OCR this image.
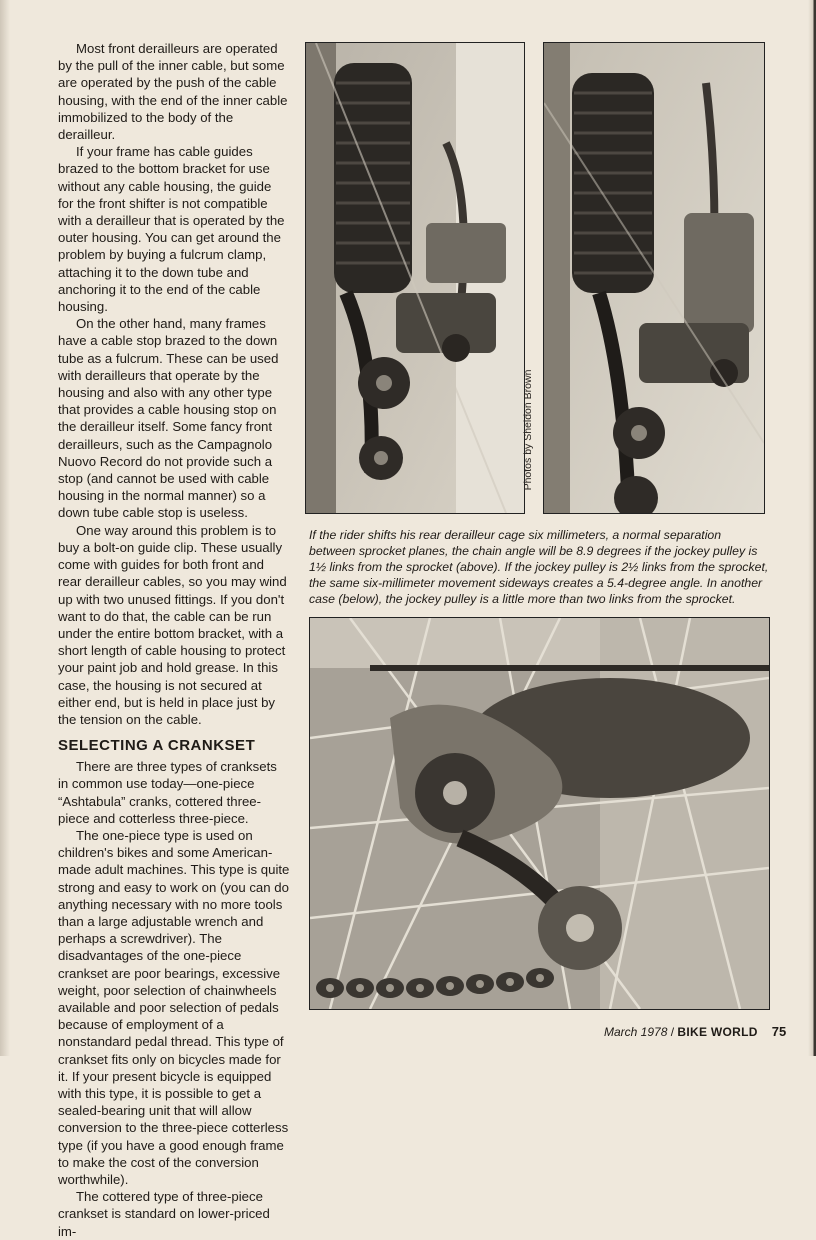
Most front derailleurs are operated by the pull of the inner cable, but some are operated by the push of the cable housing, with the end of the inner cable immobilized to the body of the derailleur.

If your frame has cable guides brazed to the bottom bracket for use without any cable housing, the guide for the front shifter is not compatible with a derailleur that is operated by the outer housing. You can get around the problem by buying a fulcrum clamp, attaching it to the down tube and anchoring it to the end of the cable housing.

On the other hand, many frames have a cable stop brazed to the down tube as a fulcrum. These can be used with derailleurs that operate by the housing and also with any other type that provides a cable housing stop on the derailleur itself. Some fancy front derailleurs, such as the Campagnolo Nuovo Record do not provide such a stop (and cannot be used with cable housing in the normal manner) so a down tube cable stop is useless.

One way around this problem is to buy a bolt-on guide clip. These usually come with guides for both front and rear derailleur cables, so you may wind up with two unused fittings. If you don't want to do that, the cable can be run under the entire bottom bracket, with a short length of cable housing to protect your paint job and hold grease. In this case, the housing is not secured at either end, but is held in place just by the tension on the cable.

SELECTING A CRANKSET

There are three types of cranksets in common use today—one-piece “Ashtabula” cranks, cottered three-piece and cotterless three-piece.

The one-piece type is used on children's bikes and some American-made adult machines. This type is quite strong and easy to work on (you can do anything necessary with no more tools than a large adjustable wrench and perhaps a screwdriver). The disadvantages of the one-piece crankset are poor bearings, excessive weight, poor selection of chainwheels available and poor selection of pedals because of employment of a nonstandard pedal thread. This type of crankset fits only on bicycles made for it. If your present bicycle is equipped with this type, it is possible to get a sealed-bearing unit that will allow conversion to the three-piece cotterless type (if you have a good enough frame to make the cost of the conversion worthwhile).

The cottered type of three-piece crankset is standard on lower-priced im-

Photos by Sheldon Brown

If the rider shifts his rear derailleur cage six millimeters, a normal separation between sprocket planes, the chain angle will be 8.9 degrees if the jockey pulley is 1½ links from the sprocket (above). If the jockey pulley is 2½ links from the sprocket, the same six-millimeter movement sideways creates a 5.4-degree angle. In another case (below), the jockey pulley is a little more than two links from the sprocket.

March 1978 / BIKE WORLD 75
